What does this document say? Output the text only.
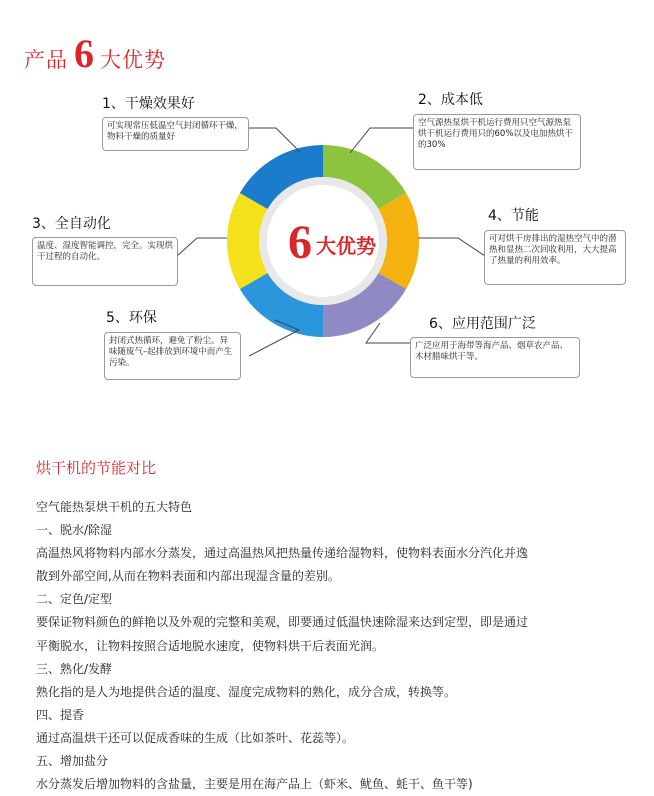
产品 6 大优势
6 大优势
1、干燥效果好
可实现常压低温空气封闭循环干燥，物料干燥的质量好
2、成本低
空气源热泵烘干机运行费用只空气源热泵烘干机运行费用只的60%以及电加热烘干的30%
3、全自动化
温度、湿度智能调控，完全。实现烘干过程的自动化。
4、节能
可对烘干房排出的湿热空气中的潜热和显热二次回收利用，大大提高了热量的利用效率。
5、环保
封闭式热循环，避免了粉尘。异味随废气–起排放到环境中而产生污染。
6、应用范围广泛
广泛应用于海带等海产品、烟草农产品、木材腊味烘干等。
烘干机的节能对比

空气能热泵烘干机的五大特色

一、脱水/除湿

高温热风将物料内部水分蒸发，通过高温热风把热量传递给湿物料，使物料表面水分汽化并逸

散到外部空间,从而在物料表面和内部出现湿含量的差别。

二、定色/定型

要保证物料颜色的鲜艳以及外观的完整和美观，即要通过低温快速除湿来达到定型，即是通过

平衡脱水，让物料按照合适地脱水速度，使物料烘干后表面光润。

三、熟化/发酵

熟化指的是人为地提供合适的温度、湿度完成物料的熟化，成分合成，转换等。

四、提香

通过高温烘干还可以促成香味的生成（比如茶叶、花蕊等）。

五、增加盐分

水分蒸发后增加物料的含盐量，主要是用在海产品上（虾米、鱿鱼、蚝干、鱼干等)
